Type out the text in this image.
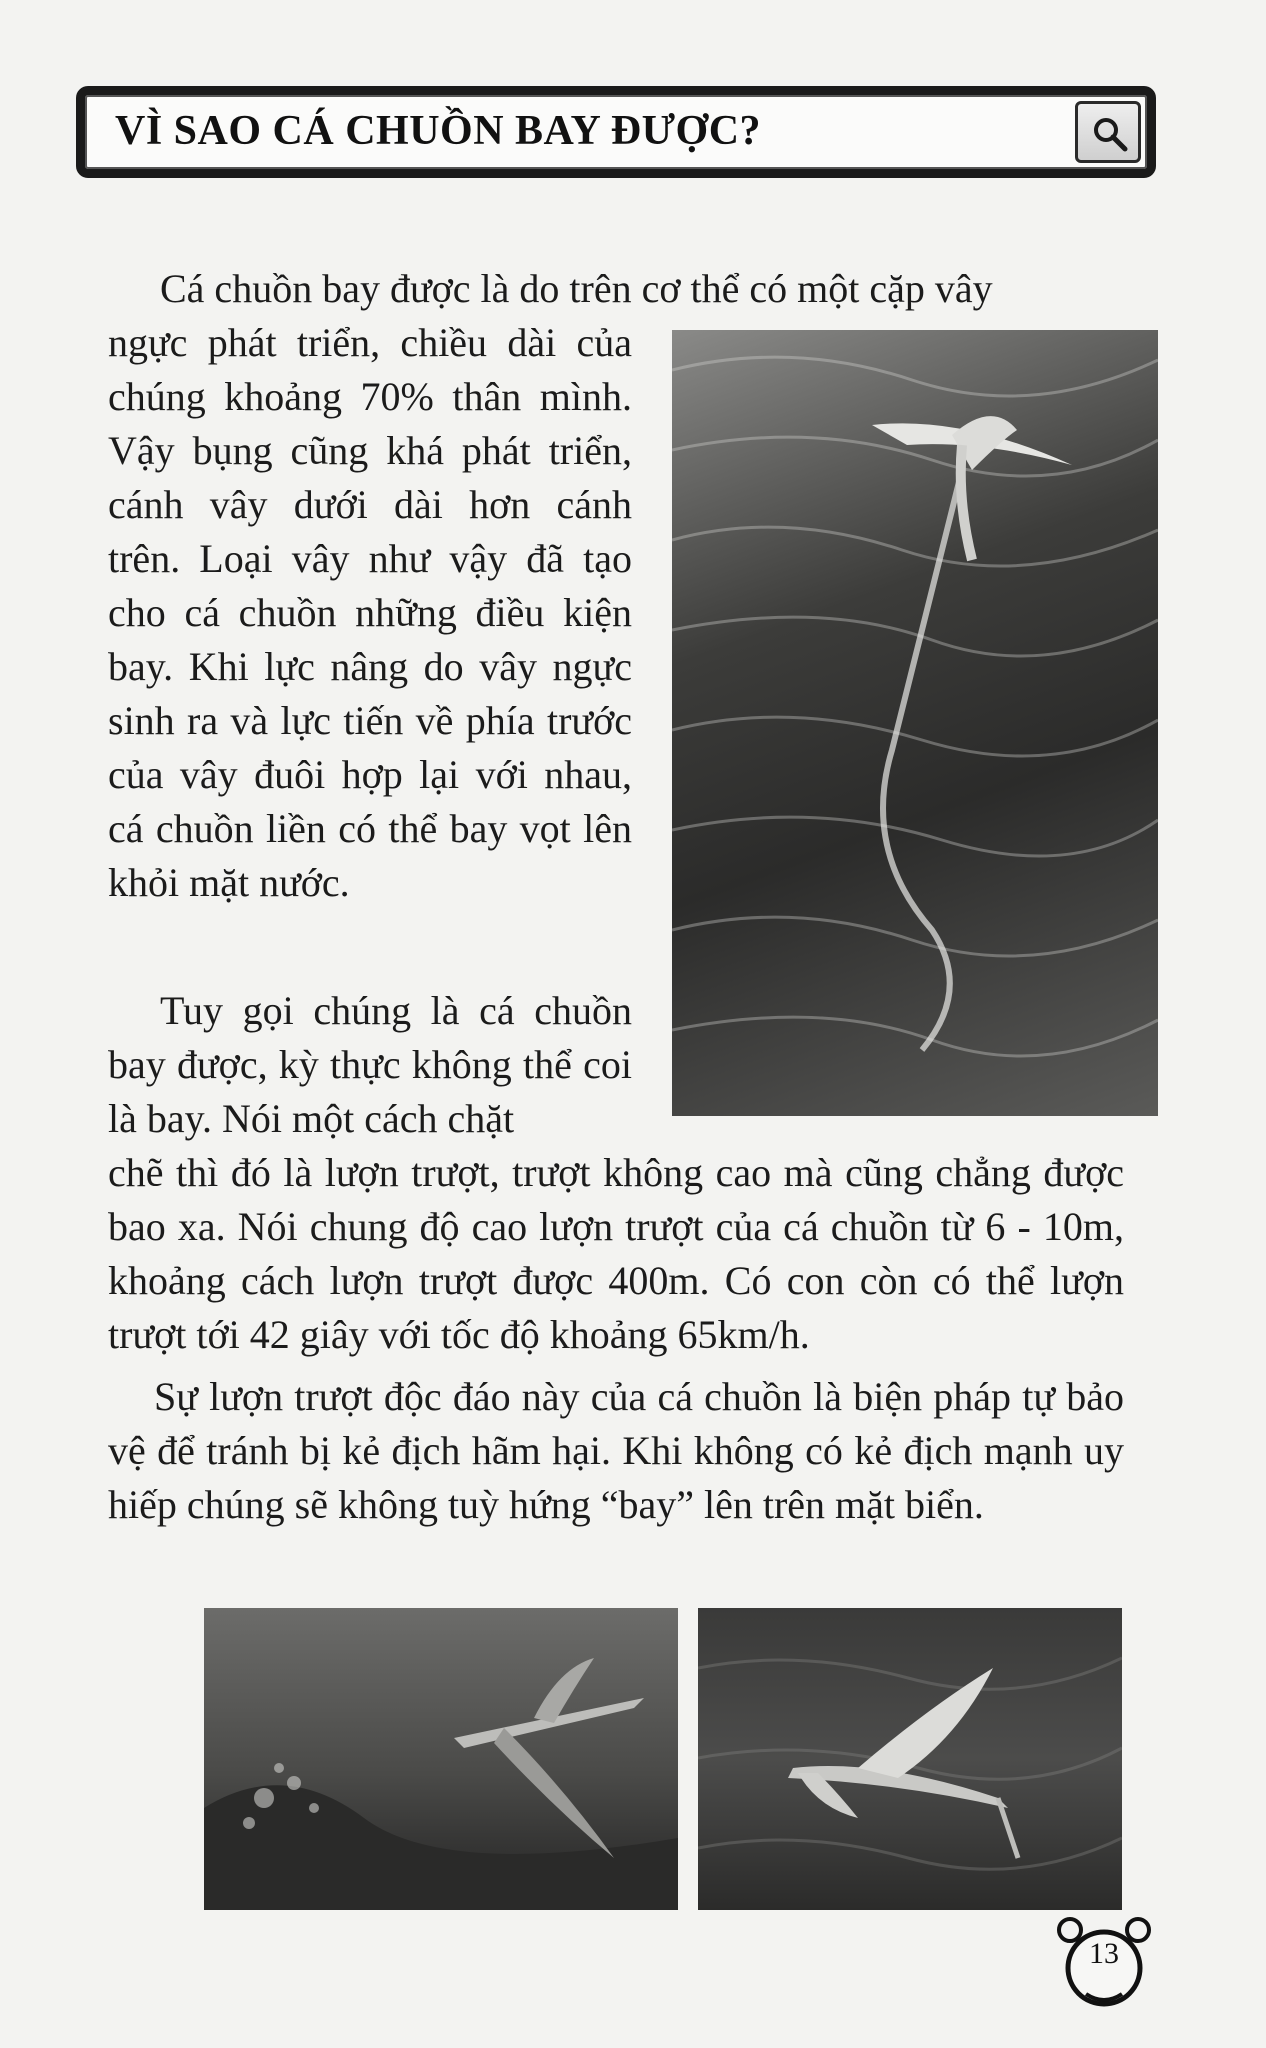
VÌ SAO CÁ CHUỒN BAY ĐƯỢC?

Cá chuồn bay được là do trên cơ thể có một cặp vây

ngực phát triển, chiều dài của chúng khoảng 70% thân mình. Vậy bụng cũng khá phát triển, cánh vây dưới dài hơn cánh trên. Loại vây như vậy đã tạo cho cá chuồn những điều kiện bay. Khi lực nâng do vây ngực sinh ra và lực tiến về phía trước của vây đuôi hợp lại với nhau, cá chuồn liền có thể bay vọt lên khỏi mặt nước.

Tuy gọi chúng là cá chuồn bay được, kỳ thực không thể coi là bay. Nói một cách chặt

chẽ thì đó là lượn trượt, trượt không cao mà cũng chẳng được bao xa. Nói chung độ cao lượn trượt của cá chuồn từ 6 - 10m, khoảng cách lượn trượt được 400m. Có con còn có thể lượn trượt tới 42 giây với tốc độ khoảng 65km/h.

Sự lượn trượt độc đáo này của cá chuồn là biện pháp tự bảo vệ để tránh bị kẻ địch hãm hại. Khi không có kẻ địch mạnh uy hiếp chúng sẽ không tuỳ hứng “bay” lên trên mặt biển.

13
